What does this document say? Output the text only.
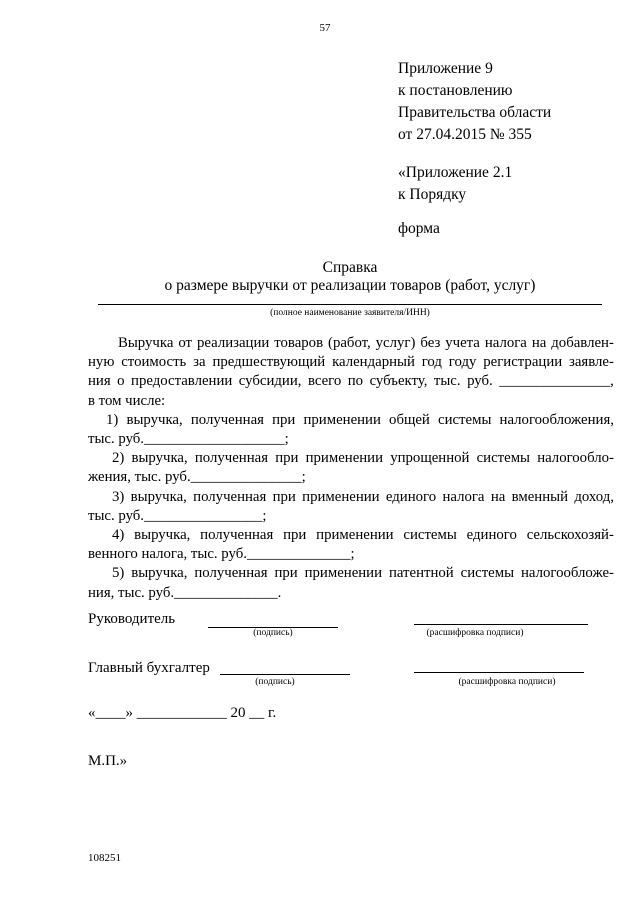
57
Приложение 9
к постановлению
Правительства области
от 27.04.2015 № 355
«Приложение 2.1
к Порядку
форма
Справка
о размере выручки от реализации товаров (работ, услуг)
(полное наименование заявителя/ИНН)
Выручка от реализации товаров (работ, услуг) без учета налога на добавлен-
ную стоимость за предшествующий календарный год году регистрации заявле-
ния о предоставлении субсидии, всего по субъекту, тыс. руб. _______________,
в том числе:
1) выручка, полученная при применении общей системы налогообложения,
тыс. руб.___________________;
2) выручка, полученная при применении упрощенной системы налогообло-
жения, тыс. руб._______________;
3) выручка, полученная при применении единого налога на вменный доход,
тыс. руб.________________;
4) выручка, полученная при применении системы единого сельскохозяй-
венного налога, тыс. руб.______________;
5) выручка, полученная при применении патентной системы налогообложе-
ния, тыс. руб.______________.
Руководитель
(подпись)	(расшифровка подписи)
Главный бухгалтер
(подпись)	(расшифровка подписи)
«____» ____________ 20 __ г.
М.П.»
108251
